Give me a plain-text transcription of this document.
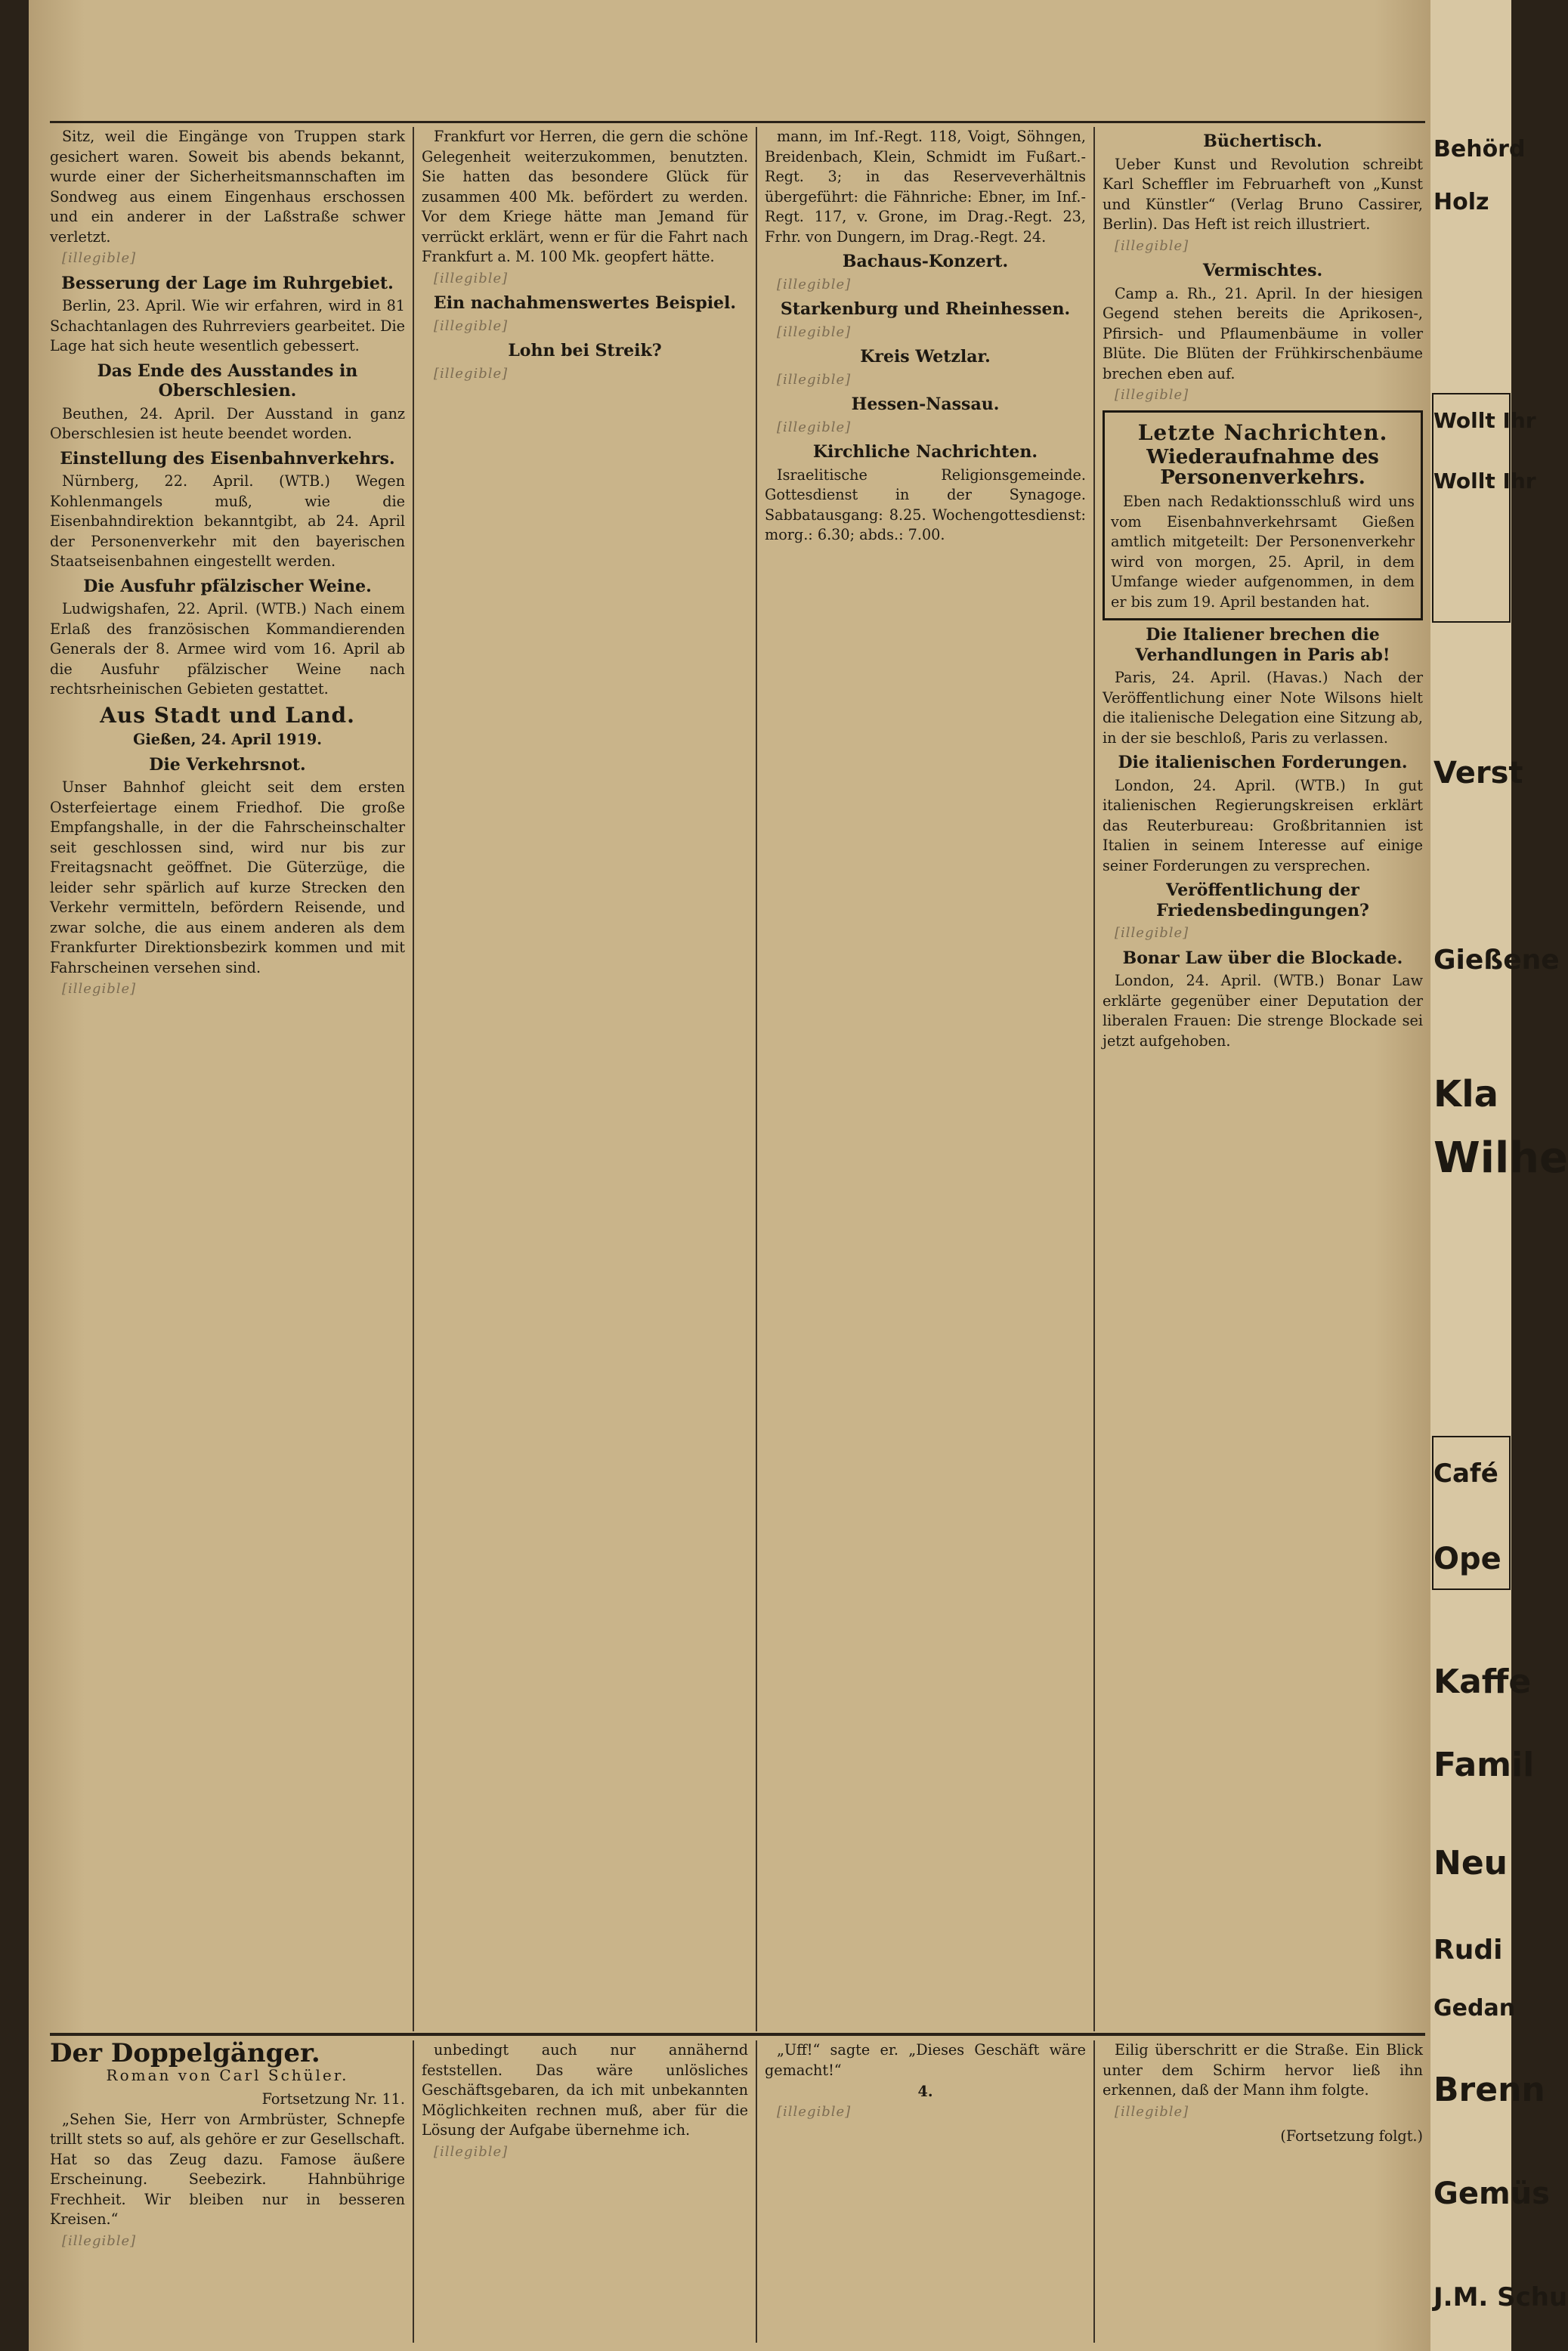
Sitz, weil die Eingänge von Truppen stark gesichert waren. Soweit bis abends bekannt, wurde einer der Sicherheitsmannschaften im Sondweg aus einem Eingenhaus erschossen und ein anderer in der Laßstraße schwer verletzt.

[illegible]

Besserung der Lage im Ruhrgebiet.

Berlin, 23. April. Wie wir erfahren, wird in 81 Schachtanlagen des Ruhrreviers gearbeitet. Die Lage hat sich heute wesentlich gebessert.

Das Ende des Ausstandes in Oberschlesien.

Beuthen, 24. April. Der Ausstand in ganz Oberschlesien ist heute beendet worden.

Einstellung des Eisenbahnverkehrs.

Nürnberg, 22. April. (WTB.) Wegen Kohlenmangels muß, wie die Eisenbahndirektion bekanntgibt, ab 24. April der Personenverkehr mit den bayerischen Staatseisenbahnen eingestellt werden.

Die Ausfuhr pfälzischer Weine.

Ludwigshafen, 22. April. (WTB.) Nach einem Erlaß des französischen Kommandierenden Generals der 8. Armee wird vom 16. April ab die Ausfuhr pfälzischer Weine nach rechtsrheinischen Gebieten gestattet.

Aus Stadt und Land.
Gießen, 24. April 1919.
Die Verkehrsnot.

Unser Bahnhof gleicht seit dem ersten Osterfeiertage einem Friedhof. Die große Empfangshalle, in der die Fahrscheinschalter seit geschlossen sind, wird nur bis zur Freitagsnacht geöffnet. Die Güterzüge, die leider sehr spärlich auf kurze Strecken den Verkehr vermitteln, befördern Reisende, und zwar solche, die aus einem anderen als dem Frankfurter Direktionsbezirk kommen und mit Fahrscheinen versehen sind.

[illegible]

Frankfurt vor Herren, die gern die schöne Gelegenheit weiterzukommen, benutzten. Sie hatten das besondere Glück für zusammen 400 Mk. befördert zu werden. Vor dem Kriege hätte man Jemand für verrückt erklärt, wenn er für die Fahrt nach Frankfurt a. M. 100 Mk. geopfert hätte.

[illegible]

Ein nachahmenswertes Beispiel.

[illegible]

Lohn bei Streik?

[illegible]

mann, im Inf.-Regt. 118, Voigt, Söhngen, Breidenbach, Klein, Schmidt im Fußart.-Regt. 3; in das Reserveverhältnis übergeführt: die Fähnriche: Ebner, im Inf.-Regt. 117, v. Grone, im Drag.-Regt. 23, Frhr. von Dungern, im Drag.-Regt. 24.

Bachaus-Konzert.

[illegible]

Starkenburg und Rheinhessen.

[illegible]

Kreis Wetzlar.

[illegible]

Hessen-Nassau.

[illegible]

Kirchliche Nachrichten.

Israelitische Religionsgemeinde. Gottesdienst in der Synagoge. Sabbatausgang: 8.25. Wochengottesdienst: morg.: 6.30; abds.: 7.00.

Büchertisch.

Ueber Kunst und Revolution schreibt Karl Scheffler im Februarheft von „Kunst und Künstler“ (Verlag Bruno Cassirer, Berlin). Das Heft ist reich illustriert.

[illegible]

Vermischtes.

Camp a. Rh., 21. April. In der hiesigen Gegend stehen bereits die Aprikosen-, Pfirsich- und Pflaumenbäume in voller Blüte. Die Blüten der Frühkirschenbäume brechen eben auf.

[illegible]

Letzte Nachrichten.
Wiederaufnahme des Personenverkehrs.

Eben nach Redaktionsschluß wird uns vom Eisenbahnverkehrsamt Gießen amtlich mitgeteilt: Der Personenverkehr wird von morgen, 25. April, in dem Umfange wieder aufgenommen, in dem er bis zum 19. April bestanden hat.

Die Italiener brechen die Verhandlungen in Paris ab!

Paris, 24. April. (Havas.) Nach der Veröffentlichung einer Note Wilsons hielt die italienische Delegation eine Sitzung ab, in der sie beschloß, Paris zu verlassen.

Die italienischen Forderungen.

London, 24. April. (WTB.) In gut italienischen Regierungskreisen erklärt das Reuterbureau: Großbritannien ist Italien in seinem Interesse auf einige seiner Forderungen zu versprechen.

Veröffentlichung der Friedensbedingungen?

[illegible]

Bonar Law über die Blockade.

London, 24. April. (WTB.) Bonar Law erklärte gegenüber einer Deputation der liberalen Frauen: Die strenge Blockade sei jetzt aufgehoben.

Der Doppelgänger.
Roman von Carl Schüler.
Fortsetzung Nr. 11.

„Sehen Sie, Herr von Armbrüster, Schnepfe trillt stets so auf, als gehöre er zur Gesellschaft. Hat so das Zeug dazu. Famose äußere Erscheinung. Seebezirk. Hahnbührige Frechheit. Wir bleiben nur in besseren Kreisen.“

[illegible]

unbedingt auch nur annähernd feststellen. Das wäre unlösliches Geschäftsgebaren, da ich mit unbekannten Möglichkeiten rechnen muß, aber für die Lösung der Aufgabe übernehme ich.

[illegible]

„Uff!“ sagte er. „Dieses Geschäft wäre gemacht!“

4.

[illegible]

Eilig überschritt er die Straße. Ein Blick unter dem Schirm hervor ließ ihn erkennen, daß der Mann ihm folgte.

[illegible]

(Fortsetzung folgt.)
Behörd
Holz
Wollt Ihr
Wollt Ihr
Verst
Gießene
Kla
Wilhe
Café
Ope
Kaffe
Famil
Neu
Rudi
Gedan
Brenn
Gemüs
J.M. Schu
